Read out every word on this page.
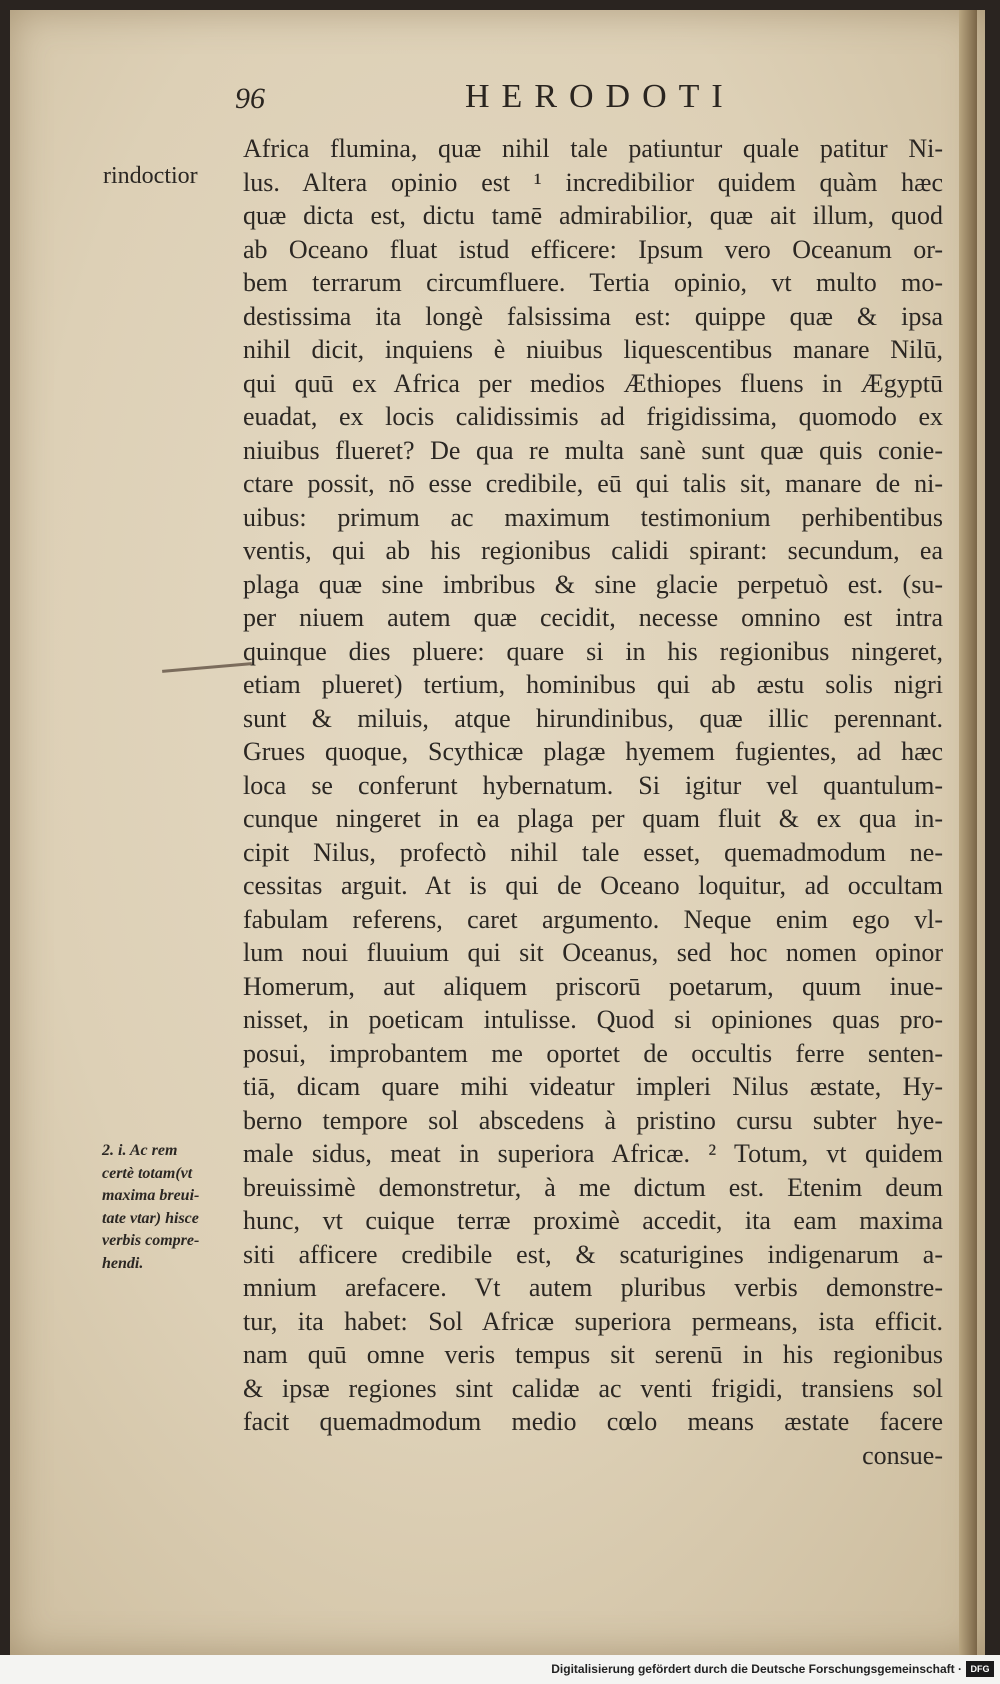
96	HERODOTI
rindoctior
2. i. Ac rem
certè totam(vt
maxima breui-
tate vtar) hisce
verbis compre-
hendi.
Africa flumina, quæ nihil tale patiuntur quale patitur Ni-
lus. Altera opinio est ¹ incredibilior quidem quàm hæc
quæ dicta est, dictu tamē admirabilior, quæ ait illum, quod
ab Oceano fluat istud efficere: Ipsum vero Oceanum or-
bem terrarum circumfluere. Tertia opinio, vt multo mo-
destissima ita longè falsissima est: quippe quæ & ipsa
nihil dicit, inquiens è niuibus liquescentibus manare Nilū,
qui quū ex Africa per medios Æthiopes fluens in Ægyptū
euadat, ex locis calidissimis ad frigidissima, quomodo ex
niuibus flueret? De qua re multa sanè sunt quæ quis conie-
ctare possit, nō esse credibile, eū qui talis sit, manare de ni-
uibus: primum ac maximum testimonium perhibentibus
ventis, qui ab his regionibus calidi spirant: secundum, ea
plaga quæ sine imbribus & sine glacie perpetuò est. (su-
per niuem autem quæ cecidit, necesse omnino est intra
quinque dies pluere: quare si in his regionibus ningeret,
etiam plueret) tertium, hominibus qui ab æstu solis nigri
sunt & miluis, atque hirundinibus, quæ illic perennant.
Grues quoque, Scythicæ plagæ hyemem fugientes, ad hæc
loca se conferunt hybernatum. Si igitur vel quantulum-
cunque ningeret in ea plaga per quam fluit & ex qua in-
cipit Nilus, profectò nihil tale esset, quemadmodum ne-
cessitas arguit. At is qui de Oceano loquitur, ad occultam
fabulam referens, caret argumento. Neque enim ego vl-
lum noui fluuium qui sit Oceanus, sed hoc nomen opinor
Homerum, aut aliquem priscorū poetarum, quum inue-
nisset, in poeticam intulisse. Quod si opiniones quas pro-
posui, improbantem me oportet de occultis ferre senten-
tiā, dicam quare mihi videatur impleri Nilus æstate, Hy-
berno tempore sol abscedens à pristino cursu subter hye-
male sidus, meat in superiora Africæ. ² Totum, vt quidem
breuissimè demonstretur, à me dictum est. Etenim deum
hunc, vt cuique terræ proximè accedit, ita eam maxima
siti afficere credibile est, & scaturigines indigenarum a-
mnium arefacere. Vt autem pluribus verbis demonstre-
tur, ita habet: Sol Africæ superiora permeans, ista efficit.
nam quū omne veris tempus sit serenū in his regionibus
& ipsæ regiones sint calidæ ac venti frigidi, transiens sol
facit quemadmodum medio cœlo means æstate facere
consue-
Digitalisierung gefördert durch die Deutsche Forschungsgemeinschaft · DFG
